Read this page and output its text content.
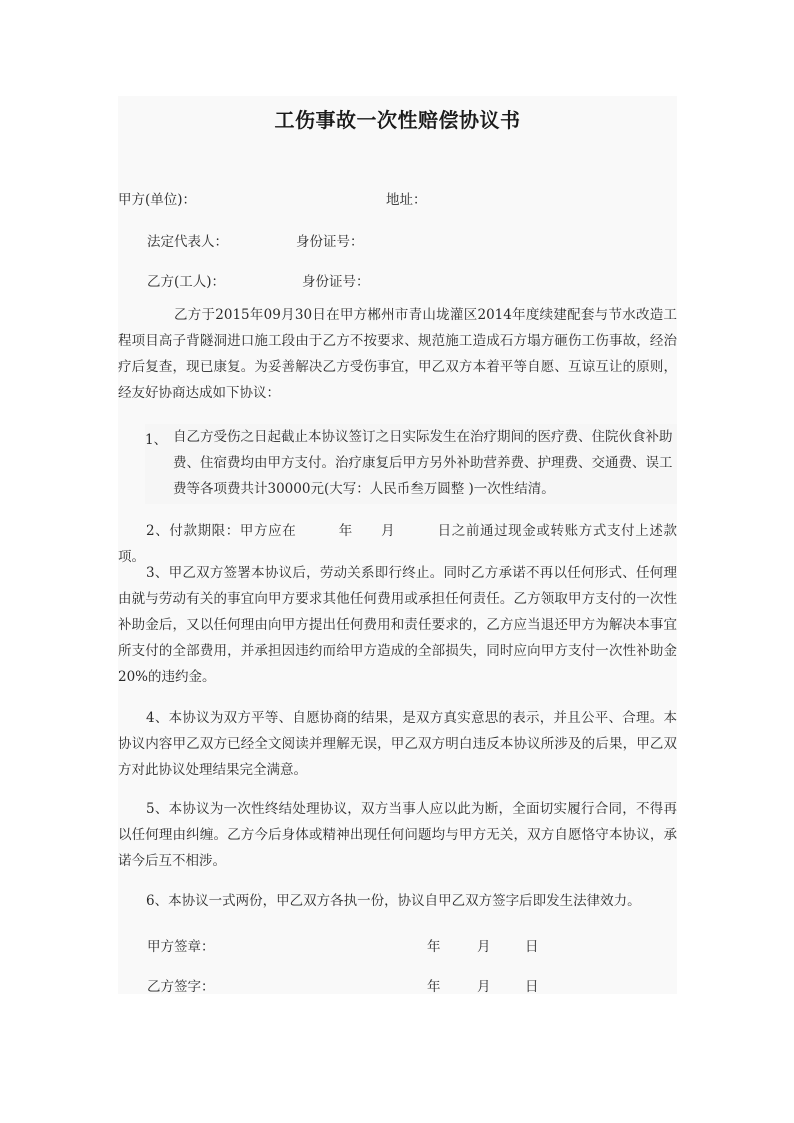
工伤事故一次性赔偿协议书
甲方(单位)：	地址：
法定代表人：	身份证号：
乙方(工人)：	身份证号：
乙方于2015年09月30日在甲方郴州市青山垅灌区2014年度续建配套与节水改造工程项目高子背隧洞进口施工段由于乙方不按要求、规范施工造成石方塌方砸伤工伤事故，经治疗后复查，现已康复。为妥善解决乙方受伤事宜，甲乙双方本着平等自愿、互谅互让的原则，经友好协商达成如下协议：
1、 自乙方受伤之日起截止本协议签订之日实际发生在治疗期间的医疗费、住院伙食补助费、住宿费均由甲方支付。治疗康复后甲方另外补助营养费、护理费、交通费、误工费等各项费共计30000元(大写：人民币叁万圆整 )一次性结清。
2、付款期限：甲方应在　　　年　　月　　　日之前通过现金或转账方式支付上述款项。
3、甲乙双方签署本协议后，劳动关系即行终止。同时乙方承诺不再以任何形式、任何理由就与劳动有关的事宜向甲方要求其他任何费用或承担任何责任。乙方领取甲方支付的一次性补助金后，又以任何理由向甲方提出任何费用和责任要求的，乙方应当退还甲方为解决本事宜所支付的全部费用，并承担因违约而给甲方造成的全部损失，同时应向甲方支付一次性补助金20%的违约金。
4、本协议为双方平等、自愿协商的结果，是双方真实意思的表示，并且公平、合理。本协议内容甲乙双方已经全文阅读并理解无误，甲乙双方明白违反本协议所涉及的后果，甲乙双方对此协议处理结果完全满意。
5、本协议为一次性终结处理协议，双方当事人应以此为断，全面切实履行合同，不得再以任何理由纠缠。乙方今后身体或精神出现任何问题均与甲方无关，双方自愿恪守本协议，承诺今后互不相涉。
6、本协议一式两份，甲乙双方各执一份，协议自甲乙双方签字后即发生法律效力。
甲方签章：	年	月	日
乙方签字：	年	月	日
